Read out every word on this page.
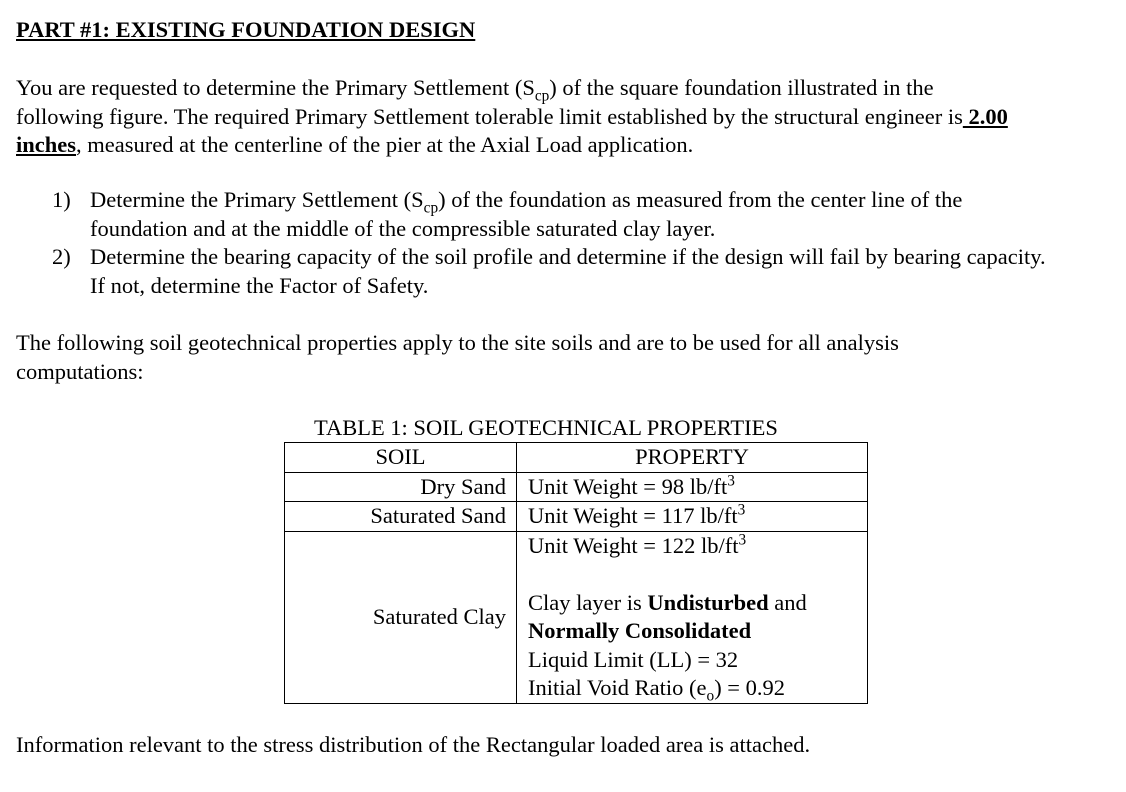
PART #1: EXISTING FOUNDATION DESIGN

You are requested to determine the Primary Settlement $(S_{cp})$ of the square foundation illustrated in the
following figure. The required Primary Settlement tolerable limit established by the structural engineer is 2.00
inches, measured at the centerline of the pier at the Axial Load application.

1) Determine the Primary Settlement $(S_{cp})$ of the foundation as measured from the center line of the foundation and at the middle of the compressible saturated clay layer.
2) Determine the bearing capacity of the soil profile and determine if the design will fail by bearing capacity. If not, determine the Factor of Safety.

The following soil geotechnical properties apply to the site soils and are to be used for all analysis
computations:

TABLE 1: SOIL GEOTECHNICAL PROPERTIES

SOIL	PROPERTY
Dry Sand	Unit Weight = 98 $lb/ft^3$
Saturated Sand	Unit Weight = 117 $lb/ft^3$
Saturated Clay	Unit Weight = 122 $lb/ft^3$
Clay layer is Undisturbed and
Normally Consolidated
Liquid Limit (LL) = 32
Initial Void Ratio $(e_o) = 0.92$

Information relevant to the stress distribution of the Rectangular loaded area is attached.
